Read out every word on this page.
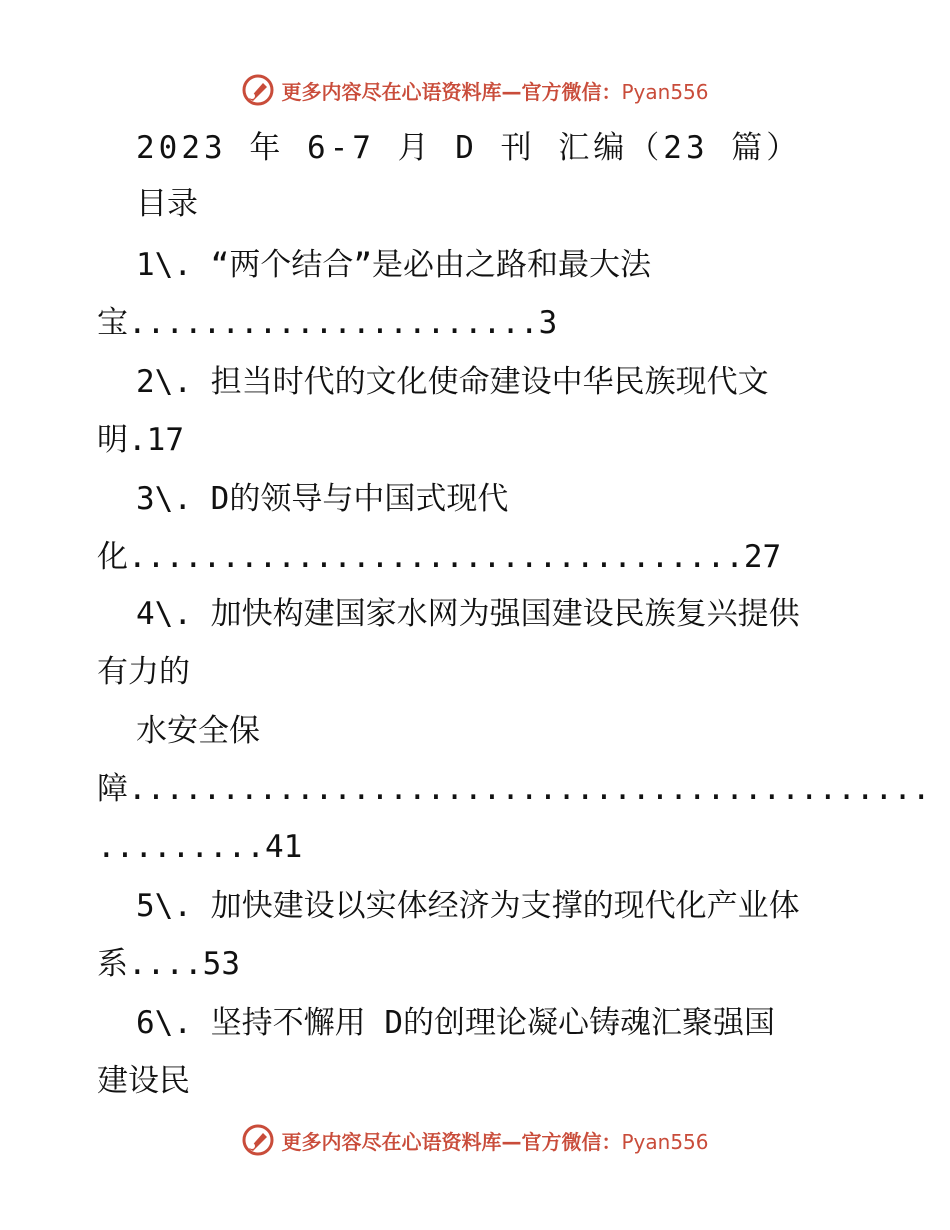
更多内容尽在心语资料库—官方微信：Pyan556
2023 年 6-7 月 D 刊 汇编（23 篇）
目录
1\. “两个结合”是必由之路和最大法
宝......................3
2\. 担当时代的文化使命建设中华民族现代文
明.17
3\. D的领导与中国式现代
化.................................27
4\. 加快构建国家水网为强国建设民族复兴提供
有力的
水安全保
障...........................................
.........41
5\. 加快建设以实体经济为支撑的现代化产业体
系....53
6\. 坚持不懈用 D的创理论凝心铸魂汇聚强国
建设民
更多内容尽在心语资料库—官方微信：Pyan556
